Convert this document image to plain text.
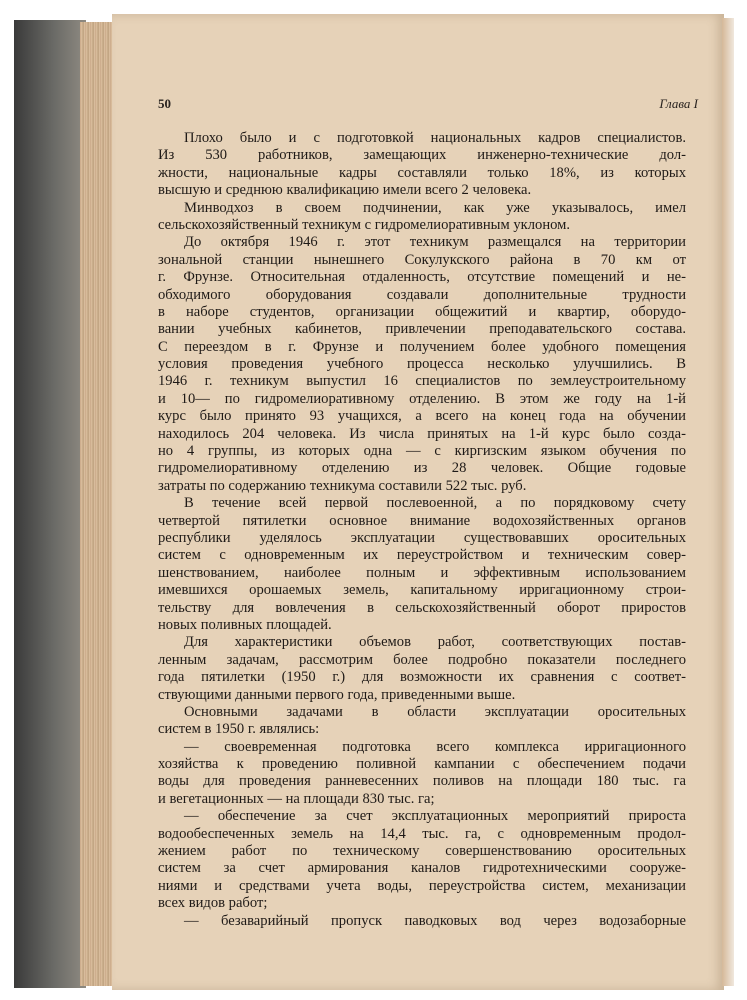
50	Глава I
Плохо было и с подготовкой национальных кадров специалистов.
Из 530 работников, замещающих инженерно-технические дол-
жности, национальные кадры составляли только 18%, из которых
высшую и среднюю квалификацию имели всего 2 человека.
Минводхоз в своем подчинении, как уже указывалось, имел
сельскохозяйственный техникум с гидромелиоративным уклоном.
До октября 1946 г. этот техникум размещался на территории
зональной станции нынешнего Сокулукского района в 70 км от
г. Фрунзе. Относительная отдаленность, отсутствие помещений и не-
обходимого оборудования создавали дополнительные трудности
в наборе студентов, организации общежитий и квартир, оборудо-
вании учебных кабинетов, привлечении преподавательского состава.
С переездом в г. Фрунзе и получением более удобного помещения
условия проведения учебного процесса несколько улучшились. В
1946 г. техникум выпустил 16 специалистов по землеустроительному
и 10— по гидромелиоративному отделению. В этом же году на 1-й
курс было принято 93 учащихся, а всего на конец года на обучении
находилось 204 человека. Из числа принятых на 1-й курс было созда-
но 4 группы, из которых одна — с киргизским языком обучения по
гидромелиоративному отделению из 28 человек. Общие годовые
затраты по содержанию техникума составили 522 тыс. руб.
В течение всей первой послевоенной, а по порядковому счету
четвертой пятилетки основное внимание водохозяйственных органов
республики уделялось эксплуатации существовавших оросительных
систем с одновременным их переустройством и техническим совер-
шенствованием, наиболее полным и эффективным использованием
имевшихся орошаемых земель, капитальному ирригационному строи-
тельству для вовлечения в сельскохозяйственный оборот приростов
новых поливных площадей.
Для характеристики объемов работ, соответствующих постав-
ленным задачам, рассмотрим более подробно показатели последнего
года пятилетки (1950 г.) для возможности их сравнения с соответ-
ствующими данными первого года, приведенными выше.
Основными задачами в области эксплуатации оросительных
систем в 1950 г. являлись:
— своевременная подготовка всего комплекса ирригационного
хозяйства к проведению поливной кампании с обеспечением подачи
воды для проведения ранневесенних поливов на площади 180 тыс. га
и вегетационных — на площади 830 тыс. га;
— обеспечение за счет эксплуатационных мероприятий прироста
водообеспеченных земель на 14,4 тыс. га, с одновременным продол-
жением работ по техническому совершенствованию оросительных
систем за счет армирования каналов гидротехническими сооруже-
ниями и средствами учета воды, переустройства систем, механизации
всех видов работ;
— безаварийный пропуск паводковых вод через водозаборные
